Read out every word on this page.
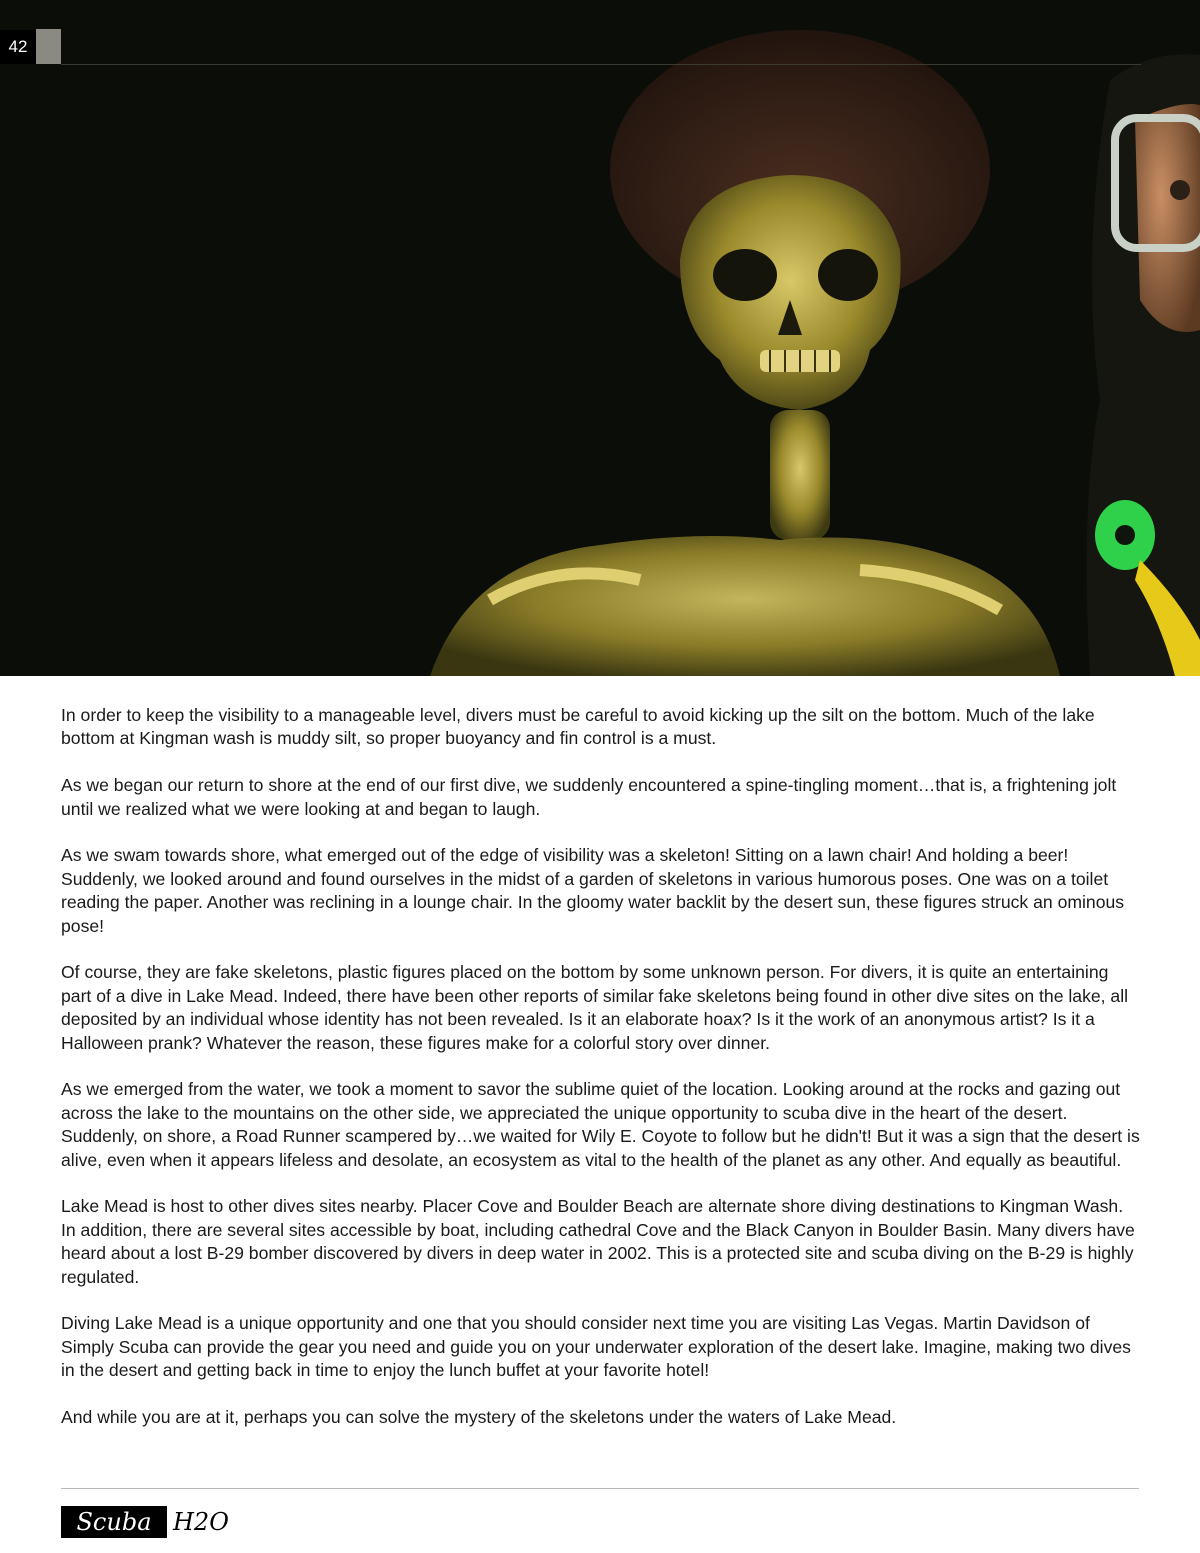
42

In order to keep the visibility to a manageable level, divers must be careful to avoid kicking up the silt on the bottom. Much of the lake bottom at Kingman wash is muddy silt, so proper buoyancy and fin control is a must.

As we began our return to shore at the end of our first dive, we suddenly encountered a spine-tingling moment…that is, a frightening jolt until we realized what we were looking at and began to laugh.

As we swam towards shore, what emerged out of the edge of visibility was a skeleton! Sitting on a lawn chair! And holding a beer! Suddenly, we looked around and found ourselves in the midst of a garden of skeletons in various humorous poses. One was on a toilet reading the paper. Another was reclining in a lounge chair. In the gloomy water backlit by the desert sun, these figures struck an ominous pose!

Of course, they are fake skeletons, plastic figures placed on the bottom by some unknown person. For divers, it is quite an entertaining part of a dive in Lake Mead. Indeed, there have been other reports of similar fake skeletons being found in other dive sites on the lake, all deposited by an individual whose identity has not been revealed. Is it an elaborate hoax? Is it the work of an anonymous artist? Is it a Halloween prank? Whatever the reason, these figures make for a colorful story over dinner.

As we emerged from the water, we took a moment to savor the sublime quiet of the location. Looking around at the rocks and gazing out across the lake to the mountains on the other side, we appreciated the unique opportunity to scuba dive in the heart of the desert. Suddenly, on shore, a Road Runner scampered by…we waited for Wily E. Coyote to follow but he didn't! But it was a sign that the desert is alive, even when it appears lifeless and desolate, an ecosystem as vital to the health of the planet as any other. And equally as beautiful.

Lake Mead is host to other dives sites nearby. Placer Cove and Boulder Beach are alternate shore diving destinations to Kingman Wash. In addition, there are several sites accessible by boat, including cathedral Cove and the Black Canyon in Boulder Basin. Many divers have heard about a lost B-29 bomber discovered by divers in deep water in 2002. This is a protected site and scuba diving on the B-29 is highly regulated.

Diving Lake Mead is a unique opportunity and one that you should consider next time you are visiting Las Vegas. Martin Davidson of Simply Scuba can provide the gear you need and guide you on your underwater exploration of the desert lake. Imagine, making two dives in the desert and getting back in time to enjoy the lunch buffet at your favorite hotel!

And while you are at it, perhaps you can solve the mystery of the skeletons under the waters of Lake Mead.

Scuba H2O
